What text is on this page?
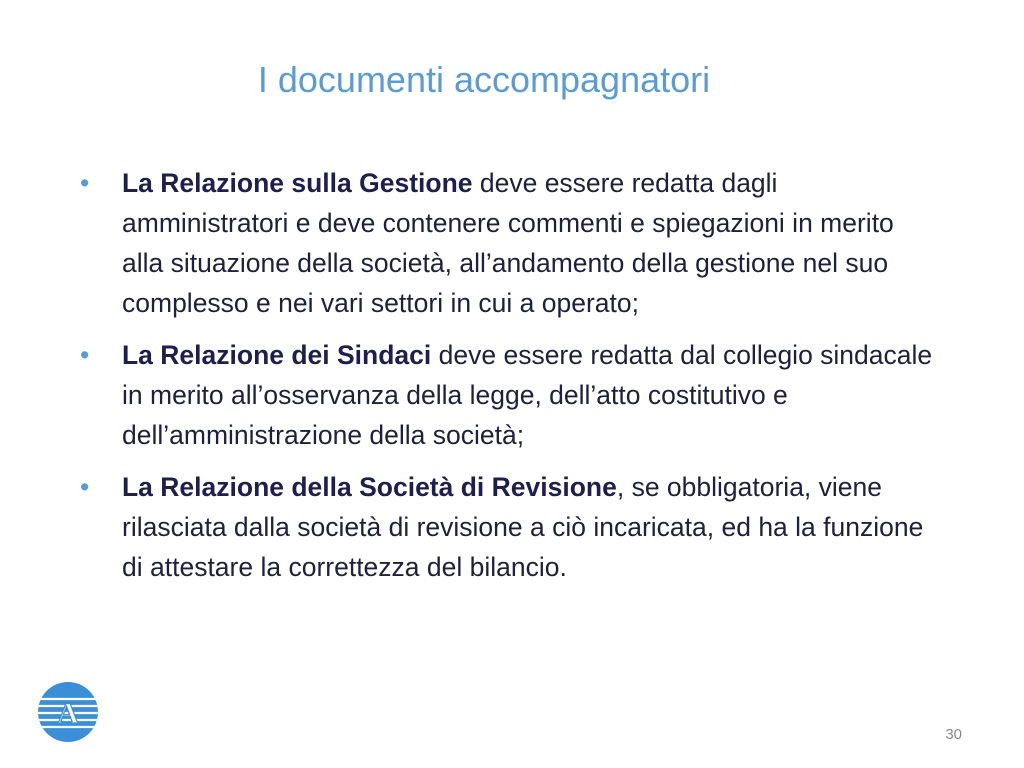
I documenti accompagnatori
•	La Relazione sulla Gestione deve essere redatta dagli amministratori e deve contenere commenti e spiegazioni in merito alla situazione della società, all’andamento della gestione nel suo complesso e nei vari settori in cui a operato;
•	La Relazione dei Sindaci deve essere redatta dal collegio sindacale in merito all’osservanza della legge, dell’atto costitutivo e dell’amministrazione della società;
•	La Relazione della Società di Revisione, se obbligatoria, viene rilasciata dalla società di revisione a ciò incaricata, ed ha la funzione di attestare la correttezza del bilancio.
A
30
